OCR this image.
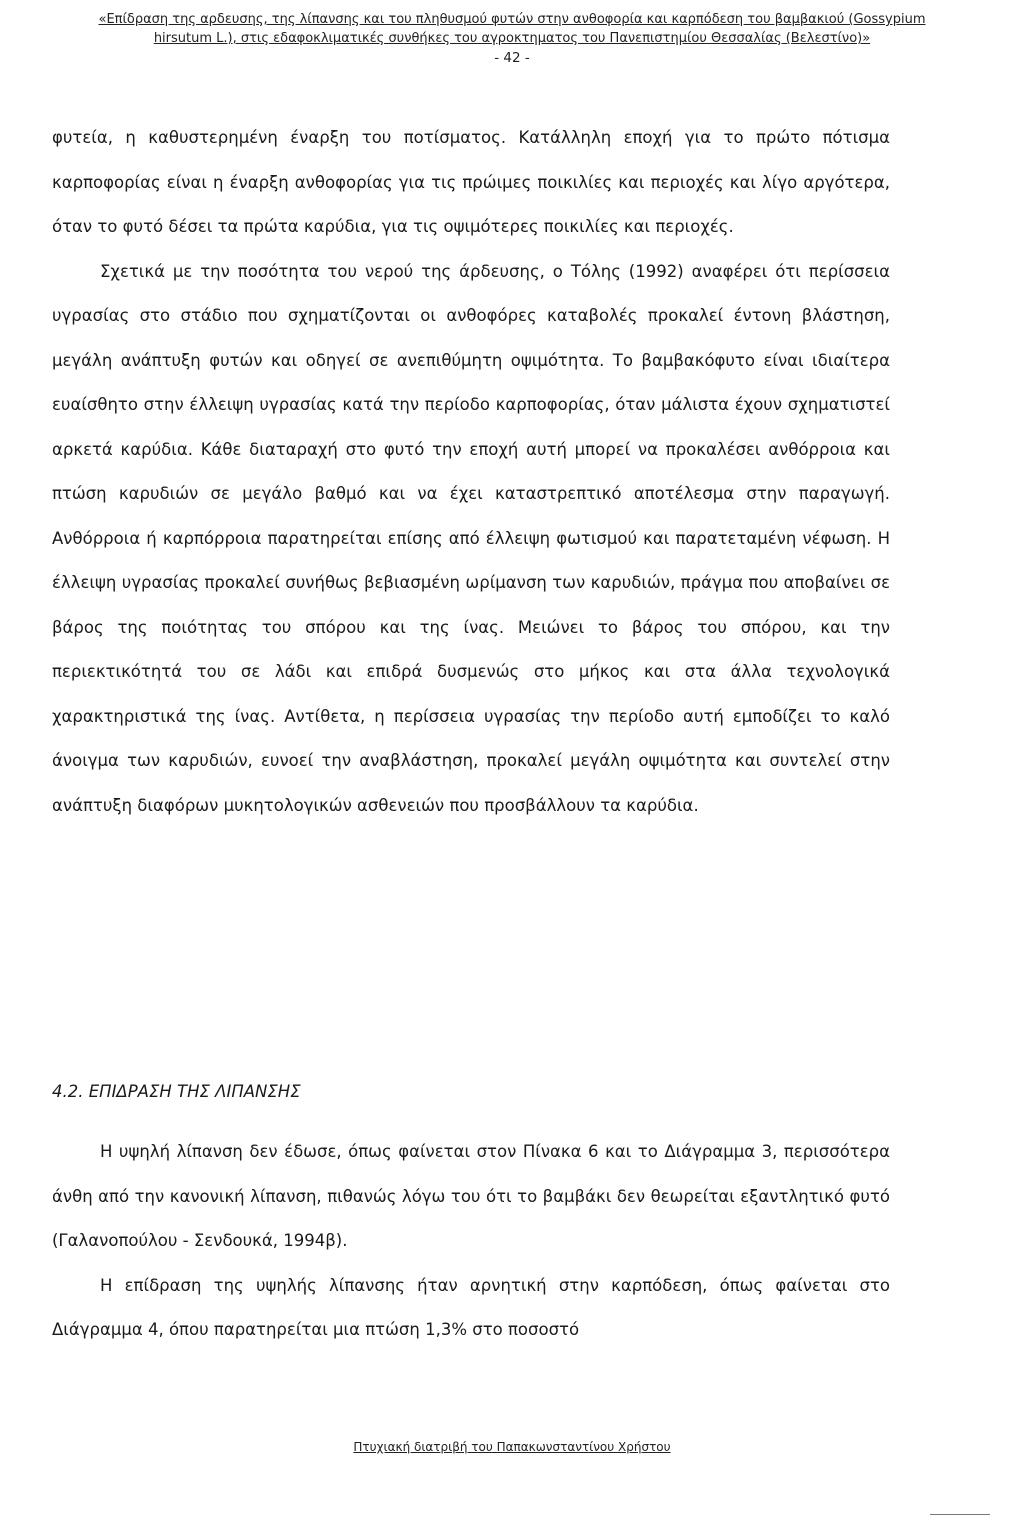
«Επίδραση της αρδευσης, της λίπανσης και του πληθυσμού φυτών στην ανθοφορία και καρπόδεση του βαμβακιού (Gossypium
hirsutum L.), στις εδαφοκλιματικές συνθήκες του αγροκτηματος του Πανεπιστημίου Θεσσαλίας (Βελεστίνο)»
- 42 -

φυτεία, η καθυστερημένη έναρξη του ποτίσματος. Κατάλληλη εποχή για το πρώτο πότισμα καρποφορίας είναι η έναρξη ανθοφορίας για τις πρώιμες ποικιλίες και περιοχές και λίγο αργότερα, όταν το φυτό δέσει τα πρώτα καρύδια, για τις οψιμότερες ποικιλίες και περιοχές.

Σχετικά με την ποσότητα του νερού της άρδευσης, ο Τόλης (1992) αναφέρει ότι περίσσεια υγρασίας στο στάδιο που σχηματίζονται οι ανθοφόρες καταβολές προκαλεί έντονη βλάστηση, μεγάλη ανάπτυξη φυτών και οδηγεί σε ανεπιθύμητη οψιμότητα. Το βαμβακόφυτο είναι ιδιαίτερα ευαίσθητο στην έλλειψη υγρασίας κατά την περίοδο καρποφορίας, όταν μάλιστα έχουν σχηματιστεί αρκετά καρύδια. Κάθε διαταραχή στο φυτό την εποχή αυτή μπορεί να προκαλέσει ανθόρροια και πτώση καρυδιών σε μεγάλο βαθμό και να έχει καταστρεπτικό αποτέλεσμα στην παραγωγή. Ανθόρροια ή καρπόρροια παρατηρείται επίσης από έλλειψη φωτισμού και παρατεταμένη νέφωση. Η έλλειψη υγρασίας προκαλεί συνήθως βεβιασμένη ωρίμανση των καρυδιών, πράγμα που αποβαίνει σε βάρος της ποιότητας του σπόρου και της ίνας. Μειώνει το βάρος του σπόρου, και την περιεκτικότητά του σε λάδι και επιδρά δυσμενώς στο μήκος και στα άλλα τεχνολογικά χαρακτηριστικά της ίνας. Αντίθετα, η περίσσεια υγρασίας την περίοδο αυτή εμποδίζει το καλό άνοιγμα των καρυδιών, ευνοεί την αναβλάστηση, προκαλεί μεγάλη οψιμότητα και συντελεί στην ανάπτυξη διαφόρων μυκητολογικών ασθενειών που προσβάλλουν τα καρύδια.

4.2. ΕΠΙΔΡΑΣΗ ΤΗΣ ΛΙΠΑΝΣΗΣ

Η υψηλή λίπανση δεν έδωσε, όπως φαίνεται στον Πίνακα 6 και το Διάγραμμα 3, περισσότερα άνθη από την κανονική λίπανση, πιθανώς λόγω του ότι το βαμβάκι δεν θεωρείται εξαντλητικό φυτό (Γαλανοπούλου - Σενδουκά, 1994β).

Η επίδραση της υψηλής λίπανσης ήταν αρνητική στην καρπόδεση, όπως φαίνεται στο Διάγραμμα 4, όπου παρατηρείται μια πτώση 1,3% στο ποσοστό

Πτυχιακή διατριβή του Παπακωνσταντίνου Χρήστου
